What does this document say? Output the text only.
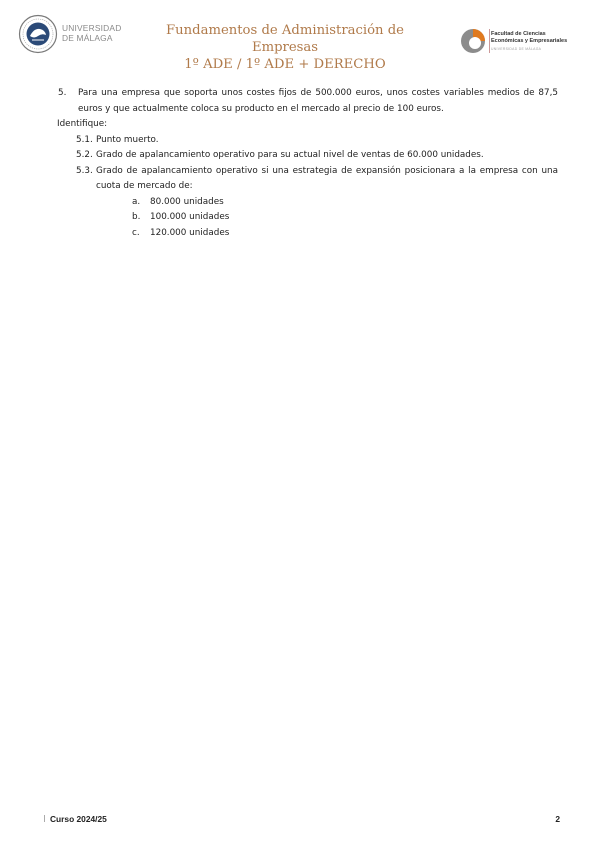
UNIVERSIDAD
DE MÁLAGA	Fundamentos de Administración de Empresas
1º ADE / 1º ADE + DERECHO
Facultad de Ciencias
Económicas y Empresariales
UNIVERSIDAD DE MÁLAGA
5.	Para una empresa que soporta unos costes fijos de 500.000 euros, unos costes variables medios de 87,5 euros y que actualmente coloca su producto en el mercado al precio de 100 euros.
Identifique:
5.1. Punto muerto.
5.2. Grado de apalancamiento operativo para su actual nivel de ventas de 60.000 unidades.
5.3. Grado de apalancamiento operativo si una estrategia de expansión posicionara a la empresa con una cuota de mercado de:
a.	80.000 unidades
b.	100.000 unidades
c.	120.000 unidades
Curso 2024/25	2
